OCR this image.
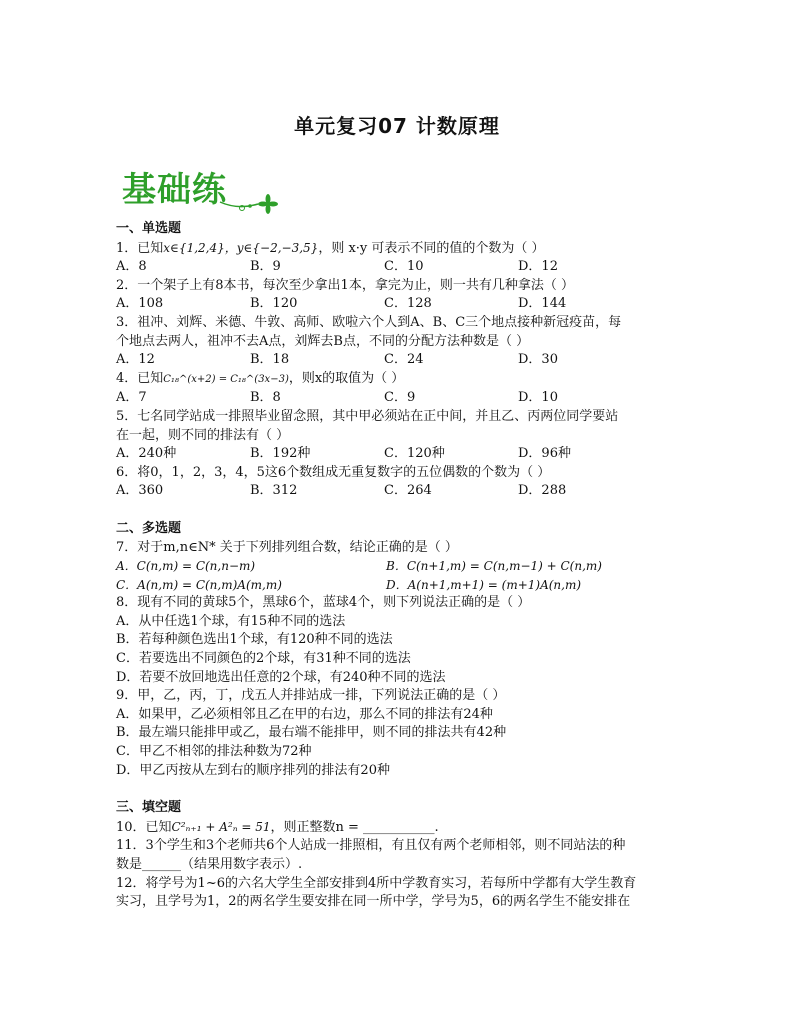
单元复习07 计数原理
基础练
一、单选题
1．已知x∈{1,2,4}，y∈{−2,−3,5}，则 x·y 可表示不同的值的个数为（ ）
A．8	B．9	C．10	D．12
2．一个架子上有8本书，每次至少拿出1本，拿完为止，则一共有几种拿法（ ）
A．108	B．120	C．128	D．144
3．祖冲、刘辉、米德、牛敦、高师、欧啦六个人到A、B、C三个地点接种新冠疫苗，每
个地点去两人，祖冲不去A点，刘辉去B点，不同的分配方法种数是（ ）
A．12	B．18	C．24	D．30
4．已知C₁₈^(x+2) = C₁₈^(3x−3)，则x的取值为（ ）
A．7	B．8	C．9	D．10
5．七名同学站成一排照毕业留念照，其中甲必须站在正中间，并且乙、丙两位同学要站
在一起，则不同的排法有（ ）
A．240种	B．192种	C．120种	D．96种
6．将0，1，2，3，4，5这6个数组成无重复数字的五位偶数的个数为（ ）
A．360	B．312	C．264	D．288
二、多选题
7．对于m,n∈N* 关于下列排列组合数，结论正确的是（ ）
A．C(n,m) = C(n,n−m)	B．C(n+1,m) = C(n,m−1) + C(n,m)
C．A(n,m) = C(n,m)A(m,m)	D．A(n+1,m+1) = (m+1)A(n,m)
8．现有不同的黄球5个，黑球6个，蓝球4个，则下列说法正确的是（ ）
A．从中任选1个球，有15种不同的选法
B．若每种颜色选出1个球，有120种不同的选法
C．若要选出不同颜色的2个球，有31种不同的选法
D．若要不放回地选出任意的2个球，有240种不同的选法
9．甲，乙，丙，丁，戊五人并排站成一排，下列说法正确的是（ ）
A．如果甲，乙必须相邻且乙在甲的右边，那么不同的排法有24种
B．最左端只能排甲或乙，最右端不能排甲，则不同的排法共有42种
C．甲乙不相邻的排法种数为72种
D．甲乙丙按从左到右的顺序排列的排法有20种
三、填空题
10．已知C²ₙ₊₁ + A²ₙ = 51，则正整数n = ___________.
11．3个学生和3个老师共6个人站成一排照相，有且仅有两个老师相邻，则不同站法的种
数是______（结果用数字表示）.
12．将学号为1~6的六名大学生全部安排到4所中学教育实习，若每所中学都有大学生教育
实习，且学号为1，2的两名学生要安排在同一所中学，学号为5，6的两名学生不能安排在
